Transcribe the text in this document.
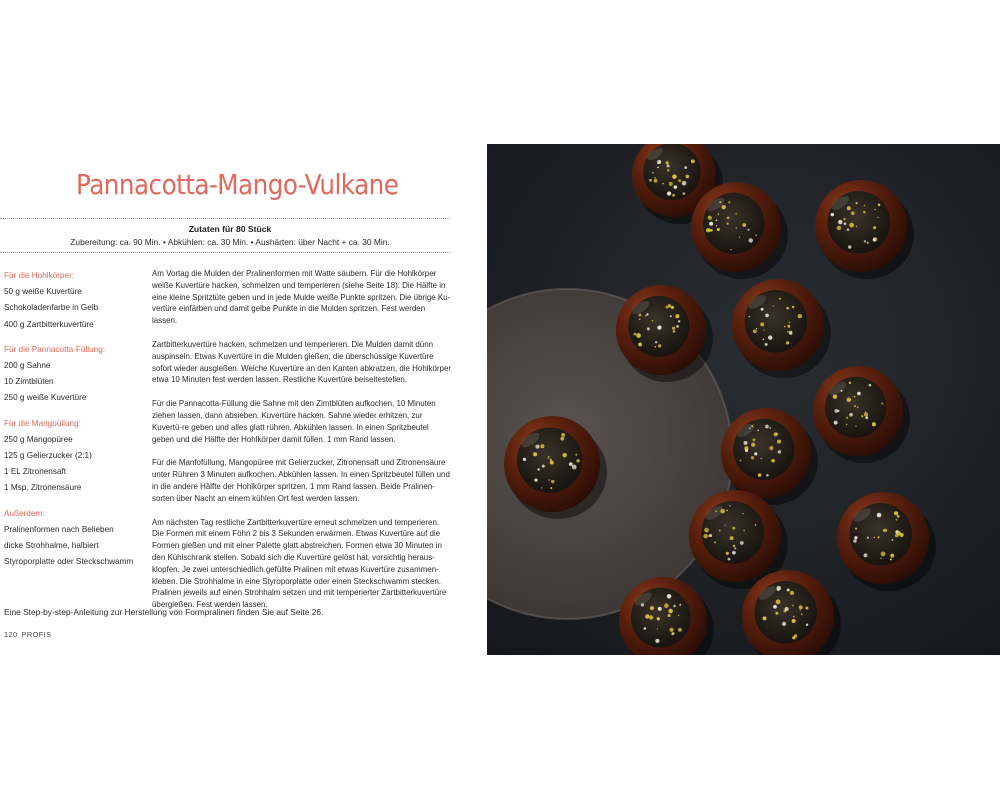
Pannacotta-Mango-Vulkane
Zutaten für 80 Stück
Zubereitung: ca. 90 Min. • Abkühlen: ca. 30 Min. • Aushärten: über Nacht + ca. 30 Min.
Für die Hohlkörper:
50 g weiße Kuvertüre
Schokoladenfarbe in Gelb
400 g Zartbitterkuvertüre
Für die Pannacotta-Füllung:
200 g Sahne
10 Zimtblüten
250 g weiße Kuvertüre
Für die Mangoüllung:
250 g Mangopüree
125 g Gelierzucker (2:1)
1 EL Zitronensaft
1 Msp. Zitronensäure
Außerdem:
Pralinenformen nach Belieben
dicke Strohhalme, halbiert
Styroporplatte oder Steckschwamm

Am Vortag die Mulden der Pralinenformen mit Watte säubern. Für die Hohlkörper weiße Kuvertüre hacken, schmelzen und temperieren (siehe Seite 18). Die Hälfte in eine kleine Spritztüte geben und in jede Mulde weiße Punkte spritzen. Die übrige Ku-vertüre einfärben und damit gelbe Punkte in die Mulden spritzen. Fest werden lassen.

Zartbitterkuvertüre hacken, schmelzen und temperieren. Die Mulden damit dünn auspinseln. Etwas Kuvertüre in die Mulden gießen, die überschüssige Kuvertüre sofort wieder ausgießen. Weiche Kuvertüre an den Kanten abkratzen, die Hohlkörper etwa 10 Minuten fest werden lassen. Restliche Kuvertüre beiseitestellen.

Für die Pannacotta-Füllung die Sahne mit den Zimtblüten aufkochen, 10 Minuten ziehen lassen, dann absieben. Kuvertüre hacken. Sahne wieder erhitzen, zur Kuvertü-re geben und alles glatt rühren. Abkühlen lassen. In einen Spritzbeutel geben und die Hälfte der Hohlkörper damit füllen. 1 mm Rand lassen.

Für die Manfofüllung, Mangopüree mit Gelierzucker, Zitronensaft und Zitronensäure unter Rühren 3 Minuten aufkochen. Abkühlen lassen. In einen Spritzbeutel füllen und in die andere Hälfte der Hohlkörper spritzen. 1 mm Rand lassen. Beide Pralinen-sorten über Nacht an einem kühlen Ort fest werden lassen.

Am nächsten Tag restliche Zartbitterkuvertüre erneut schmelzen und temperieren. Die Formen mit einem Föhn 2 bis 3 Sekunden erwärmen. Etwas Kuvertüre auf die Formen gießen und mit einer Palette glatt abstreichen. Formen etwa 30 Minuten in den Kühlschrank stellen. Sobald sich die Kuvertüre gelöst hat, vorsichtig heraus-klopfen. Je zwei unterschiedlich gefüllte Pralinen mit etwas Kuvertüre zusammen-kleben. Die Strohhalme in eine Styroporplatte oder einen Steckschwamm stecken. Pralinen jeweils auf einen Strohhalm setzen und mit temperierter Zartbitterkuvertüre übergießen. Fest werden lassen.

Eine Step-by-step-Anleitung zur Herstellung von Formpralinen finden Sie auf Seite 26.
120 PROFIS
